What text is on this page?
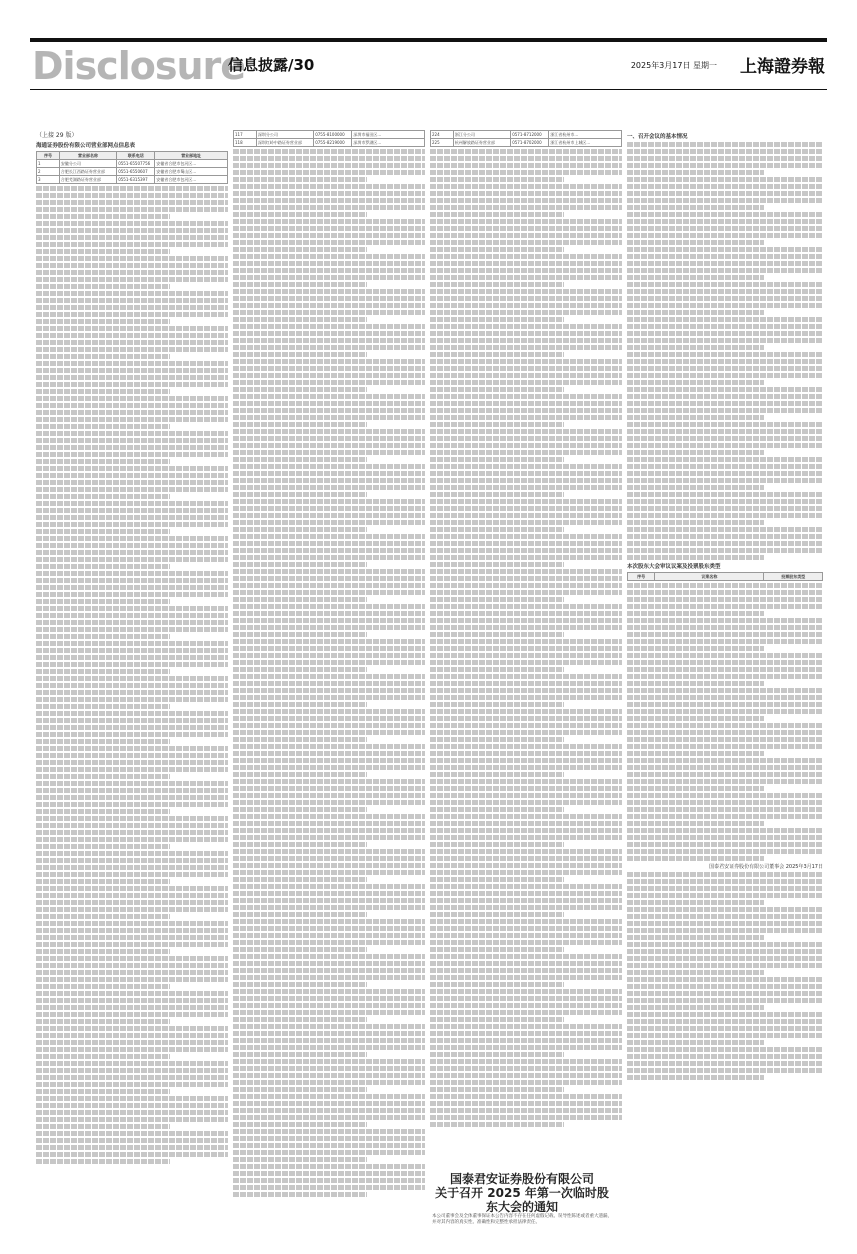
Disclosure
信息披露/30	2025年3月17日 星期一 上海證券報
（上接 29 版）
海通证券股份有限公司营业部网点信息表
序号	营业部名称	联系电话	营业部地址
1	安徽分公司	0551-65507756	安徽省合肥市包河区...
2	合肥长江西路证券营业部	0551-6550607	安徽省合肥市蜀山区...
3	合肥芜湖路证券营业部	0551-6315397	安徽省合肥市包河区...
117	深圳分公司	0755-8100000	深圳市福田区...
118	深圳红岭中路证券营业部	0755-8219000	深圳市罗湖区...
224	浙江分公司	0571-8712000	浙江省杭州市...
225	杭州解放路证券营业部	0571-8702000	浙江省杭州市上城区...
国泰君安证券股份有限公司
关于召开 2025 年第一次临时股东大会的通知
本公司董事会及全体董事保证本公告内容不存在任何虚假记载、误导性陈述或者重大遗漏，并对其内容的真实性、准确性和完整性承担法律责任。
一、召开会议的基本情况
本次股东大会审议议案及投票股东类型
序号	议案名称	投票股东类型
国泰君安证券股份有限公司董事会 2025年3月17日
